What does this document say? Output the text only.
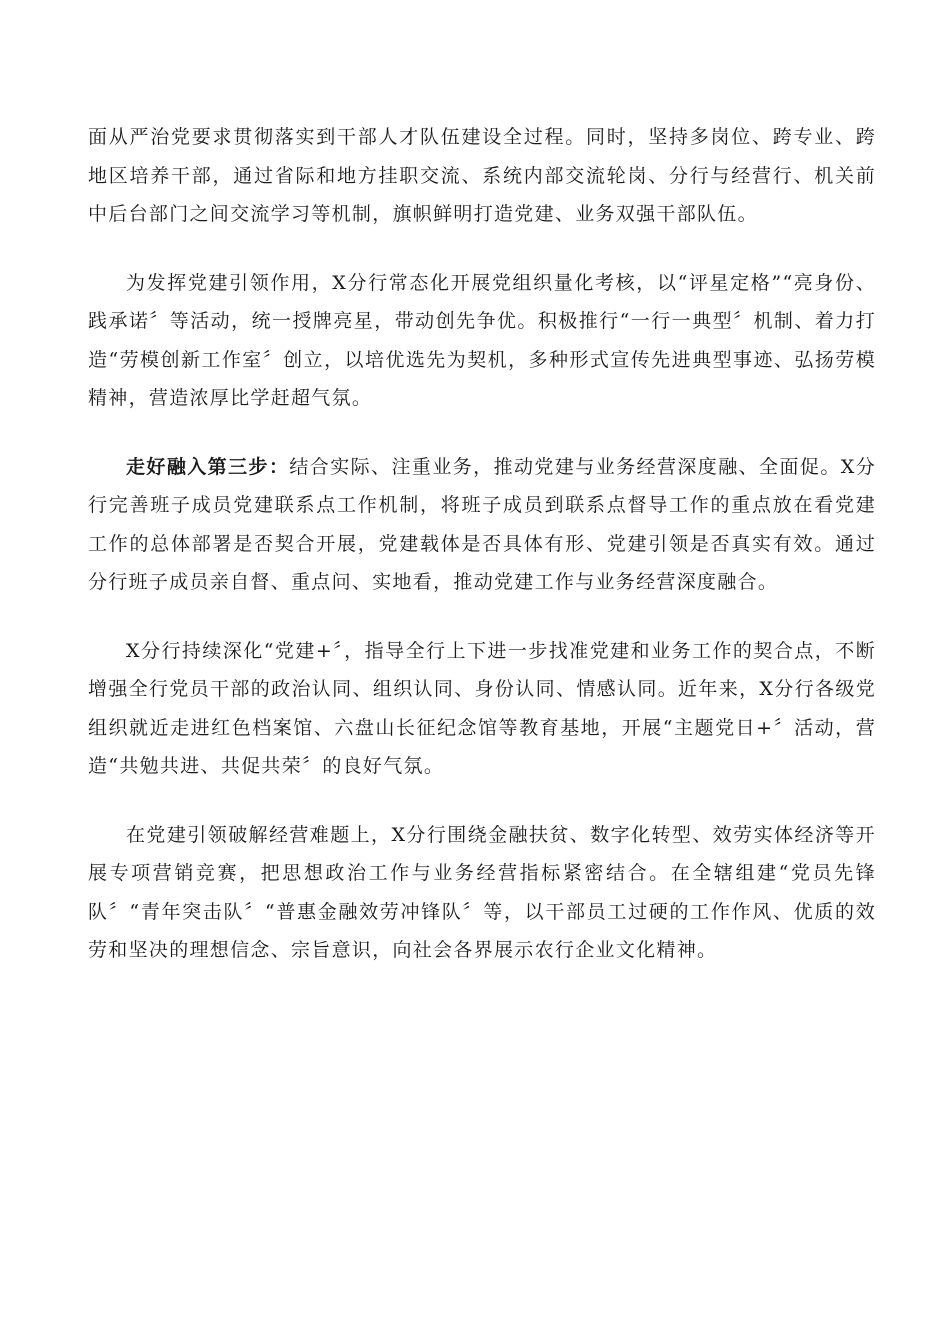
面从严治党要求贯彻落实到干部人才队伍建设全过程。同时，坚持多岗位、跨专业、跨地区培养干部，通过省际和地方挂职交流、系统内部交流轮岗、分行与经营行、机关前中后台部门之间交流学习等机制，旗帜鲜明打造党建、业务双强干部队伍。

为发挥党建引领作用，X分行常态化开展党组织量化考核，以“评星定格”“亮身份、践承诺〞等活动，统一授牌亮星，带动创先争优。积极推行“一行一典型〞机制、着力打造“劳模创新工作室〞创立，以培优选先为契机，多种形式宣传先进典型事迹、弘扬劳模精神，营造浓厚比学赶超气氛。

走好融入第三步：结合实际、注重业务，推动党建与业务经营深度融、全面促。X分行完善班子成员党建联系点工作机制，将班子成员到联系点督导工作的重点放在看党建工作的总体部署是否契合开展，党建载体是否具体有形、党建引领是否真实有效。通过分行班子成员亲自督、重点问、实地看，推动党建工作与业务经营深度融合。

X分行持续深化“党建+〞，指导全行上下进一步找准党建和业务工作的契合点，不断增强全行党员干部的政治认同、组织认同、身份认同、情感认同。近年来，X分行各级党组织就近走进红色档案馆、六盘山长征纪念馆等教育基地，开展“主题党日+〞活动，营造“共勉共进、共促共荣〞的良好气氛。

在党建引领破解经营难题上，X分行围绕金融扶贫、数字化转型、效劳实体经济等开展专项营销竞赛，把思想政治工作与业务经营指标紧密结合。在全辖组建“党员先锋队〞“青年突击队〞“普惠金融效劳冲锋队〞等，以干部员工过硬的工作作风、优质的效劳和坚决的理想信念、宗旨意识，向社会各界展示农行企业文化精神。
